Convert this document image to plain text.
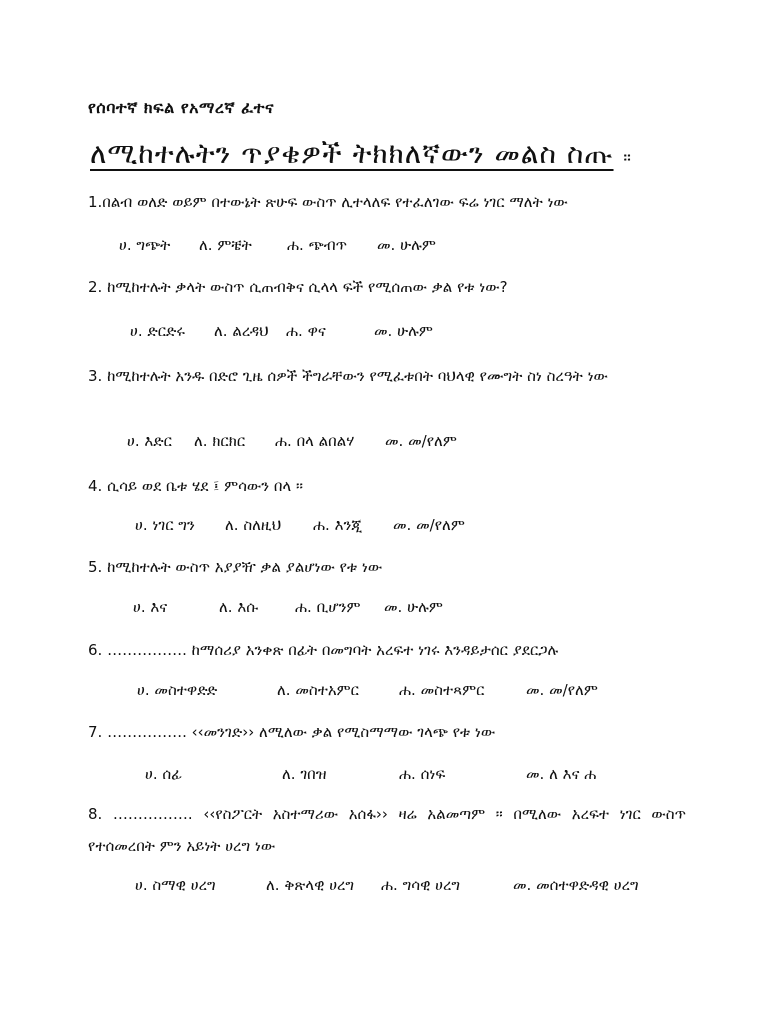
የሰባተኛ ክፍል የአማረኛ ፈተና
ለሚከተሉትን ጥያቄዎች ትክክለኛውን መልስ ስጡ ።
1.በልብ ወለድ ወይም በተውኔት ጽሁፍ ውስጥ ሊተላለፍ የተፈለገው ፍሬ ነገር ማለት ነው
ሀ. ግጭት ለ. ምቼት ሐ. ጭብጥ መ. ሁሉም
2. ከሚከተሉት ቃላት ውስጥ ሲጠብቅና ሲላላ ፍች የሚሰጠው ቃል የቱ ነው?
ሀ. ድርድሩ ለ. ልረዳህ ሐ. ዋና	መ. ሁሉም
3. ከሚከተሉት አንዱ በድሮ ጊዜ ሰዎች ችግራቸውን የሚፈቱበት ባህላዊ የሙግት ስነ ስረዓት ነው
ሀ. እድር ለ. ክርክር ሐ. በላ ልበልሃ መ. መ/የለም
4. ሲሳይ ወደ ቤቱ ሄደ ፤ ምሳውን በላ ።
ሀ. ነገር ግን ለ. ስለዚህ ሐ. እንጂ መ. መ/የለም
5. ከሚከተሉት ውስጥ አያያዥ ቃል ያልሆነው የቱ ነው
ሀ. እና	ለ. እሱ ሐ. ቢሆንም መ. ሁሉም
6. ……………. ከማሰሪያ አንቀጽ በፊት በመግባት አረፍተ ነገሩ እንዳይታሰር ያደርጋሉ
ሀ. መስተዋድድ	ለ. መስተአምር	ሐ. መስተጻምር	መ. መ/የለም
7. ……………. ‹‹መንገድ›› ለሚለው ቃል የሚስማማው ገላጭ የቱ ነው
ሀ. ሰፊ	ለ. ገበዝ	ሐ. ሰነፍ	መ. ለ እና ሐ
8. ……………. ‹‹የስፖርት አስተማሪው አሰፋ›› ዛሬ አልመጣም ። በሚለው አረፍተ ነገር ውስጥ የተሰመረበት ምን አይነት ሀረግ ነው
ሀ. ስማዊ ሀረግ	ለ. ቅጽላዊ ሀረግ ሐ. ግሳዊ ሀረግ	መ. መሰተዋድዳዊ ሀረግ
